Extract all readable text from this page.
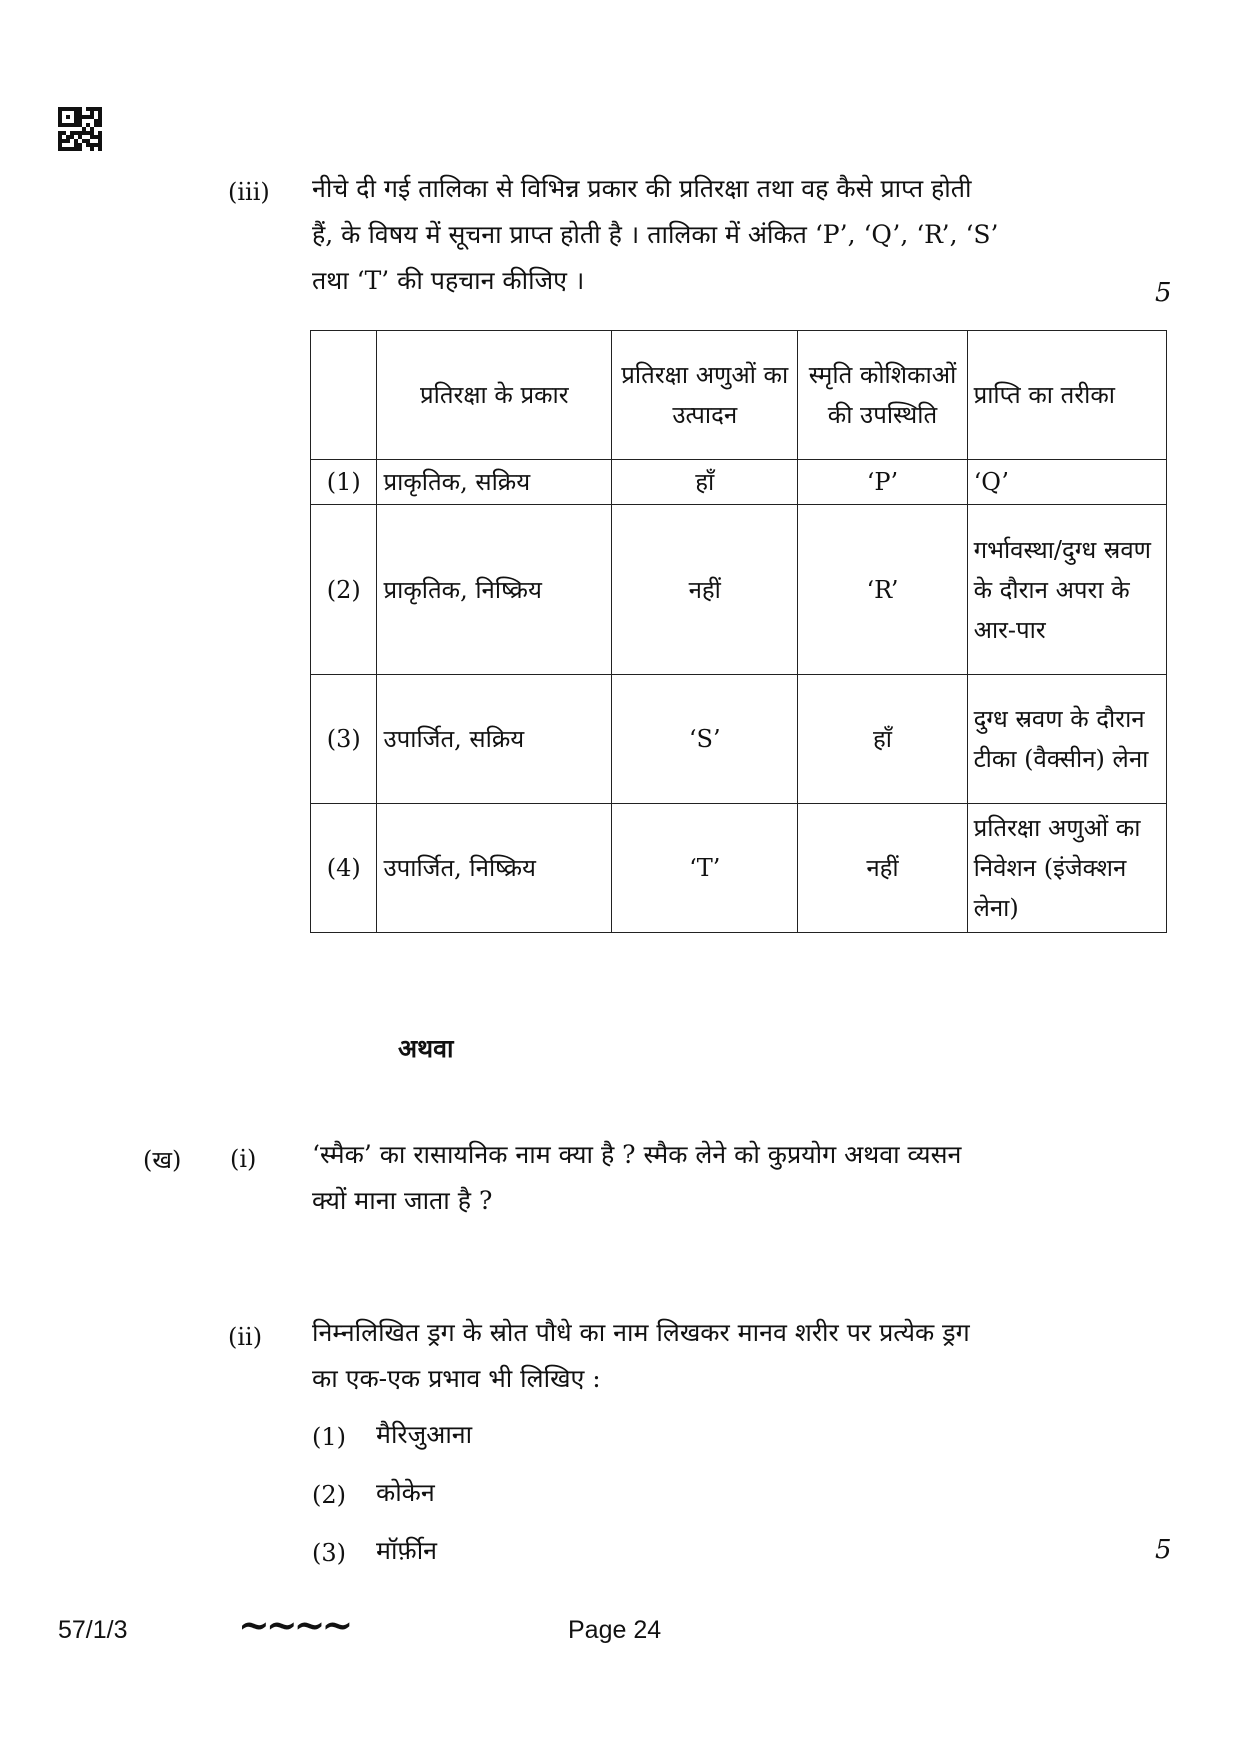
(iii) नीचे दी गई तालिका से विभिन्न प्रकार की प्रतिरक्षा तथा वह कैसे प्राप्त होती
हैं, के विषय में सूचना प्राप्त होती है । तालिका में अंकित ‘P’, ‘Q’, ‘R’, ‘S’
तथा ‘T’ की पहचान कीजिए ।	5
	प्रतिरक्षा के प्रकार	प्रतिरक्षा अणुओं का उत्पादन	स्मृति कोशिकाओं की उपस्थिति	प्राप्ति का तरीका
(1)	प्राकृतिक, सक्रिय	हाँ	‘P’	‘Q’
(2)	प्राकृतिक, निष्क्रिय	नहीं	‘R’	गर्भावस्था/दुग्ध स्रवण के दौरान अपरा के आर-पार
(3)	उपार्जित, सक्रिय	‘S’	हाँ	दुग्ध स्रवण के दौरान टीका (वैक्सीन) लेना
(4)	उपार्जित, निष्क्रिय	‘T’	नहीं	प्रतिरक्षा अणुओं का निवेशन (इंजेक्शन लेना)
अथवा
(ख) (i) ‘स्मैक’ का रासायनिक नाम क्या है ? स्मैक लेने को कुप्रयोग अथवा व्यसन
क्यों माना जाता है ?
(ii) निम्नलिखित ड्रग के स्रोत पौधे का नाम लिखकर मानव शरीर पर प्रत्येक ड्रग
का एक-एक प्रभाव भी लिखिए :
(1) मैरिजुआना
(2) कोकेन
(3) मॉर्फ़ीन	5
57/1/3	~~~~	Page 24
